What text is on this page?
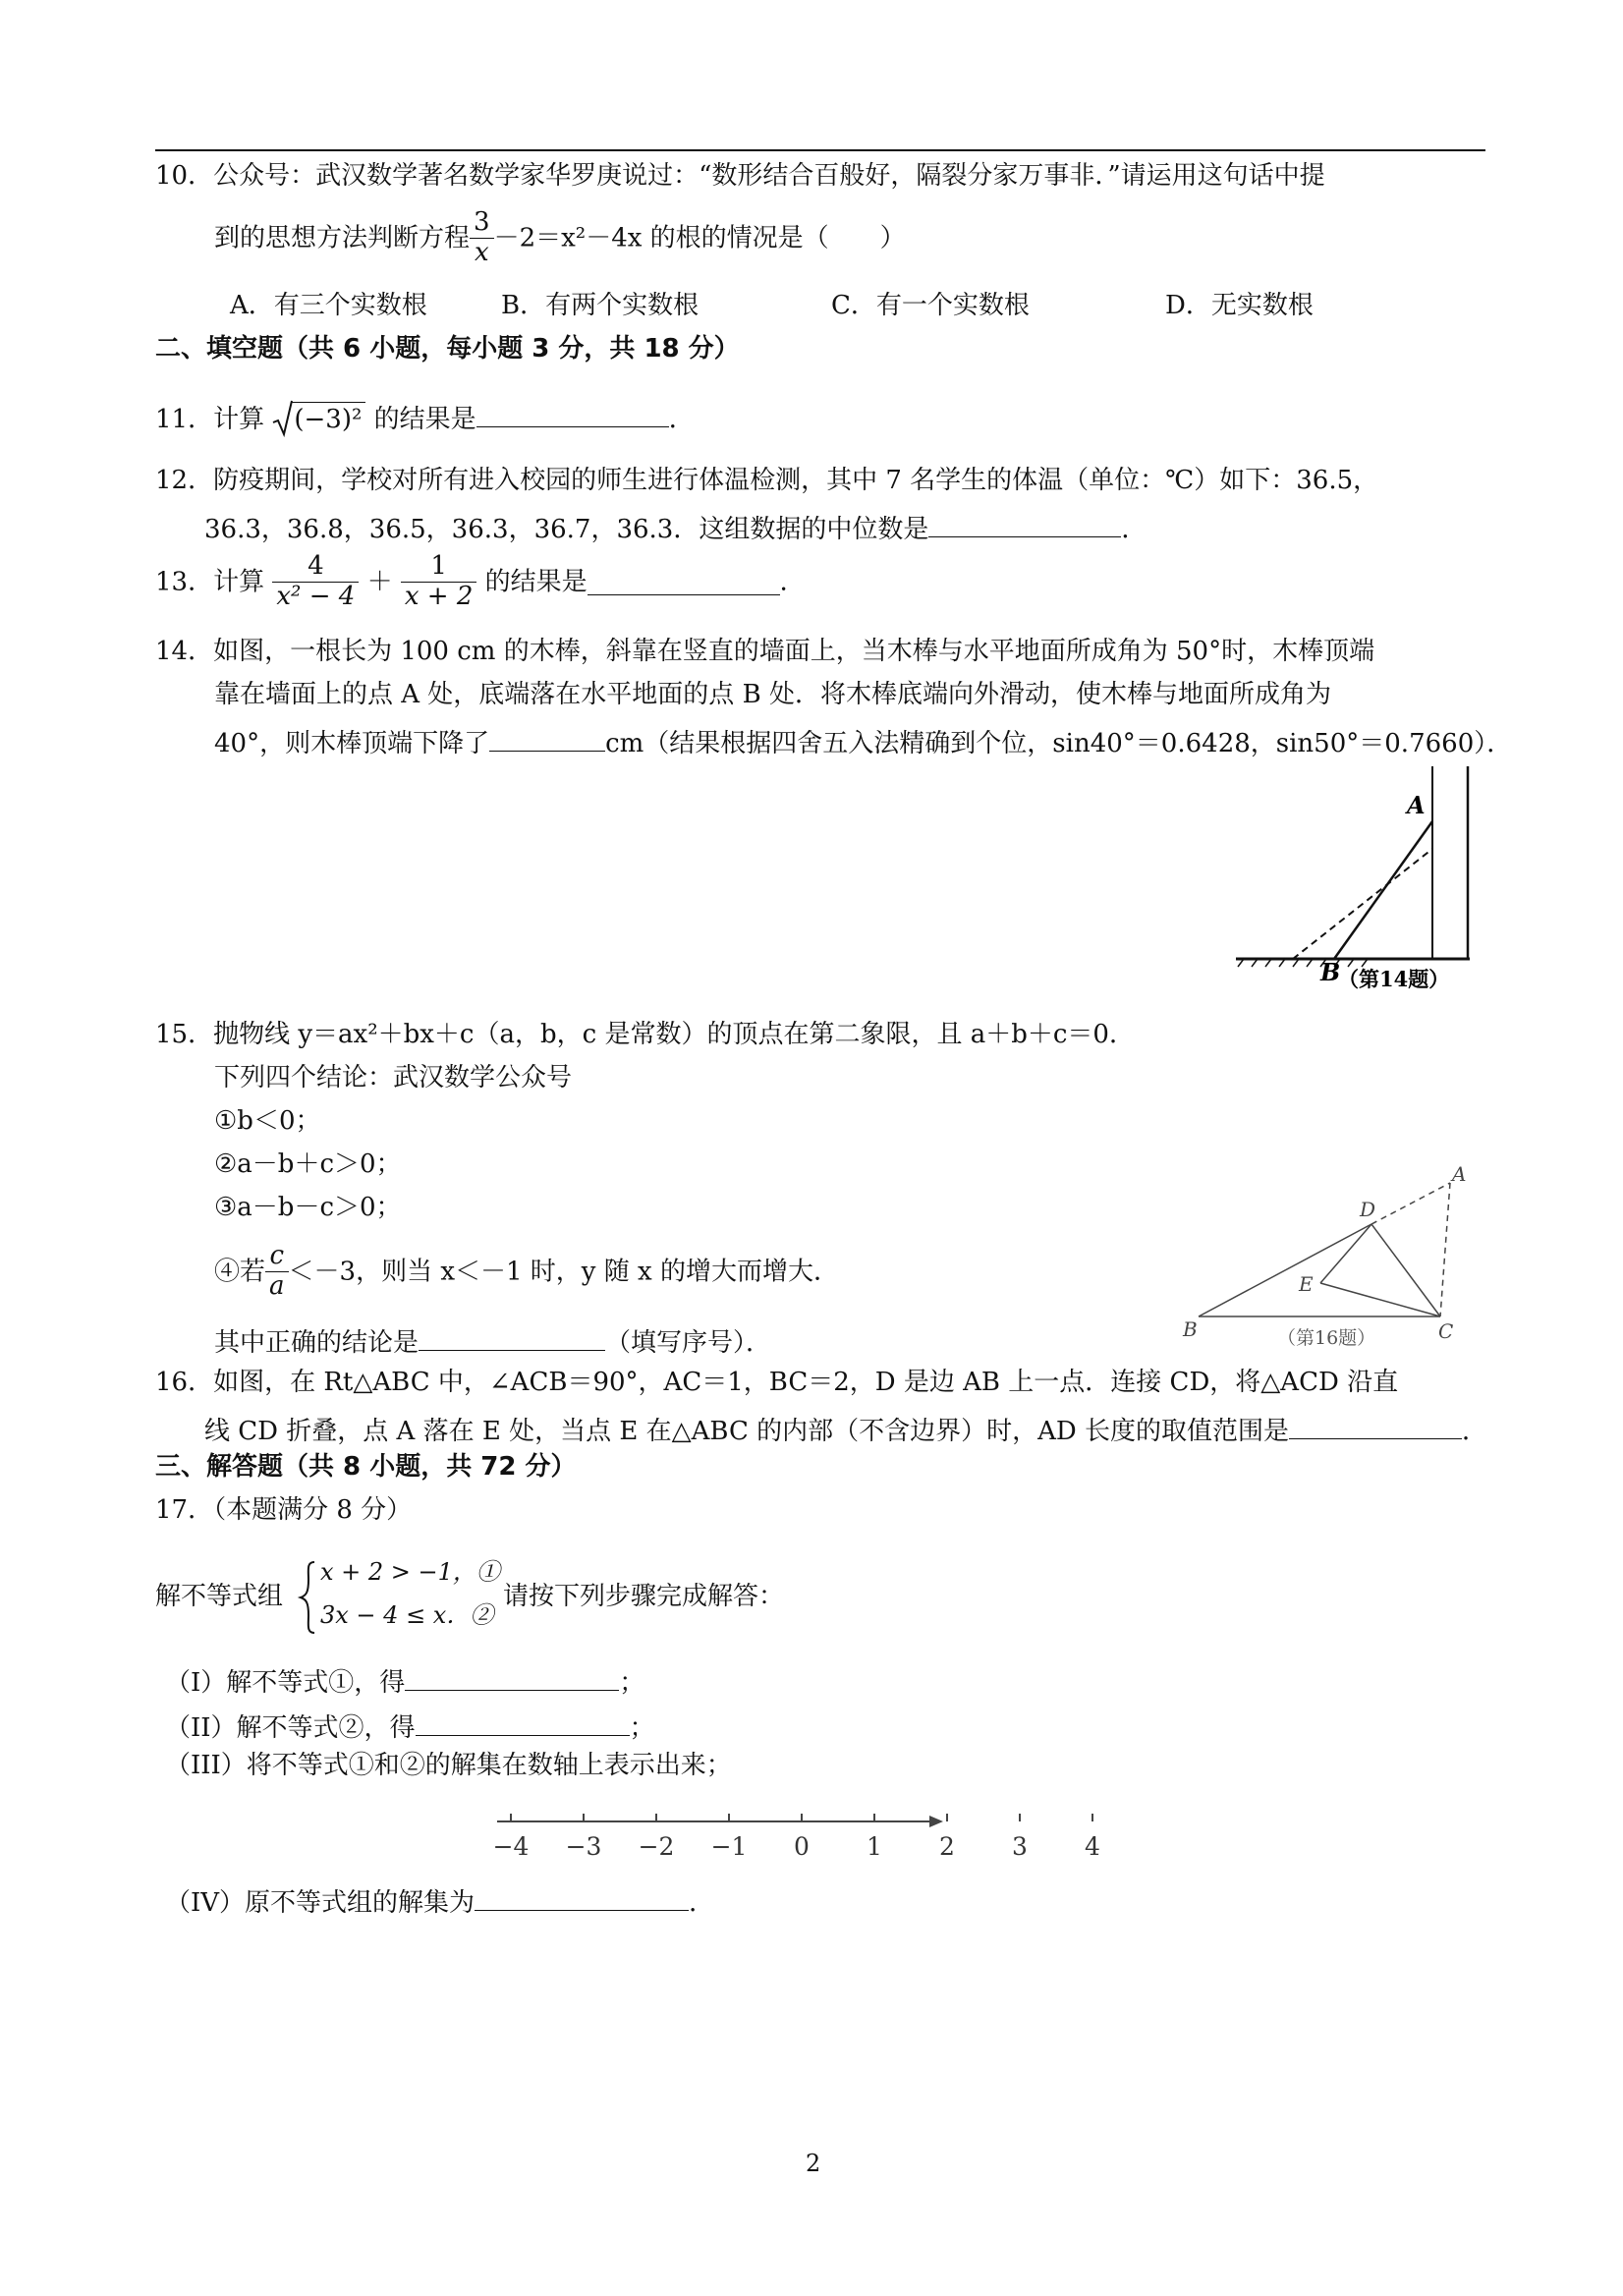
10．公众号：武汉数学著名数学家华罗庚说过：“数形结合百般好，隔裂分家万事非．”请运用这句话中提
到的思想方法判断方程 $\frac{3}{x} -2=x^2-4x$ 的根的情况是（　　）
A．有三个实数根	B．有两个实数根	C．有一个实数根	D．无实数根
二、填空题（共 6 小题，每小题 3 分，共 18 分）
11．计算 (−3)² 的结果是	．
12．防疫期间，学校对所有进入校园的师生进行体温检测，其中 7 名学生的体温（单位：℃）如下：36.5，
36.3，36.8，36.5，36.3，36.7，36.3．这组数据的中位数是	．
13．计算 $\frac{4}{\text{x² − 4}} + \frac{1}{x + 2}$ 的结果是	．
14．如图，一根长为 100 cm 的木棒，斜靠在竖直的墙面上，当木棒与水平地面所成角为 50°时，木棒顶端
靠在墙面上的点 A 处，底端落在水平地面的点 B 处．将木棒底端向外滑动，使木棒与地面所成角为
40°，则木棒顶端下降了	cm（结果根据四舍五入法精确到个位，sin40°＝0.6428，sin50°＝0.7660）．
A
B
（第14题）
15．抛物线 y＝ax²＋bx＋c（a，b，c 是常数）的顶点在第二象限，且 a＋b＋c＝0．
下列四个结论：武汉数学公众号
①b＜0；
②a－b＋c＞0；
③a－b－c＞0；
④若 $\frac{c}{a} <-3$，则当 x＜－1 时，y 随 x 的增大而增大．
其中正确的结论是	（填写序号）．
A
B	C
D
E
（第16题）
16．如图，在 Rt△ABC 中，∠ACB＝90°，AC＝1，BC＝2，D 是边 AB 上一点．连接 CD，将△ACD 沿直
线 CD 折叠，点 A 落在 E 处，当点 E 在△ABC 的内部（不含边界）时，AD 长度的取值范围是	．
三、解答题（共 8 小题，共 72 分）
17．（本题满分 8 分）
解不等式组
x + 2 > −1，①
3x − 4 ≤ x．②
请按下列步骤完成解答：
（I）解不等式①，得	；
（II）解不等式②，得	；
（III）将不等式①和②的解集在数轴上表示出来；
−4 −3 −2 −1 0 1 2 3 4
（IV）原不等式组的解集为	．
2
